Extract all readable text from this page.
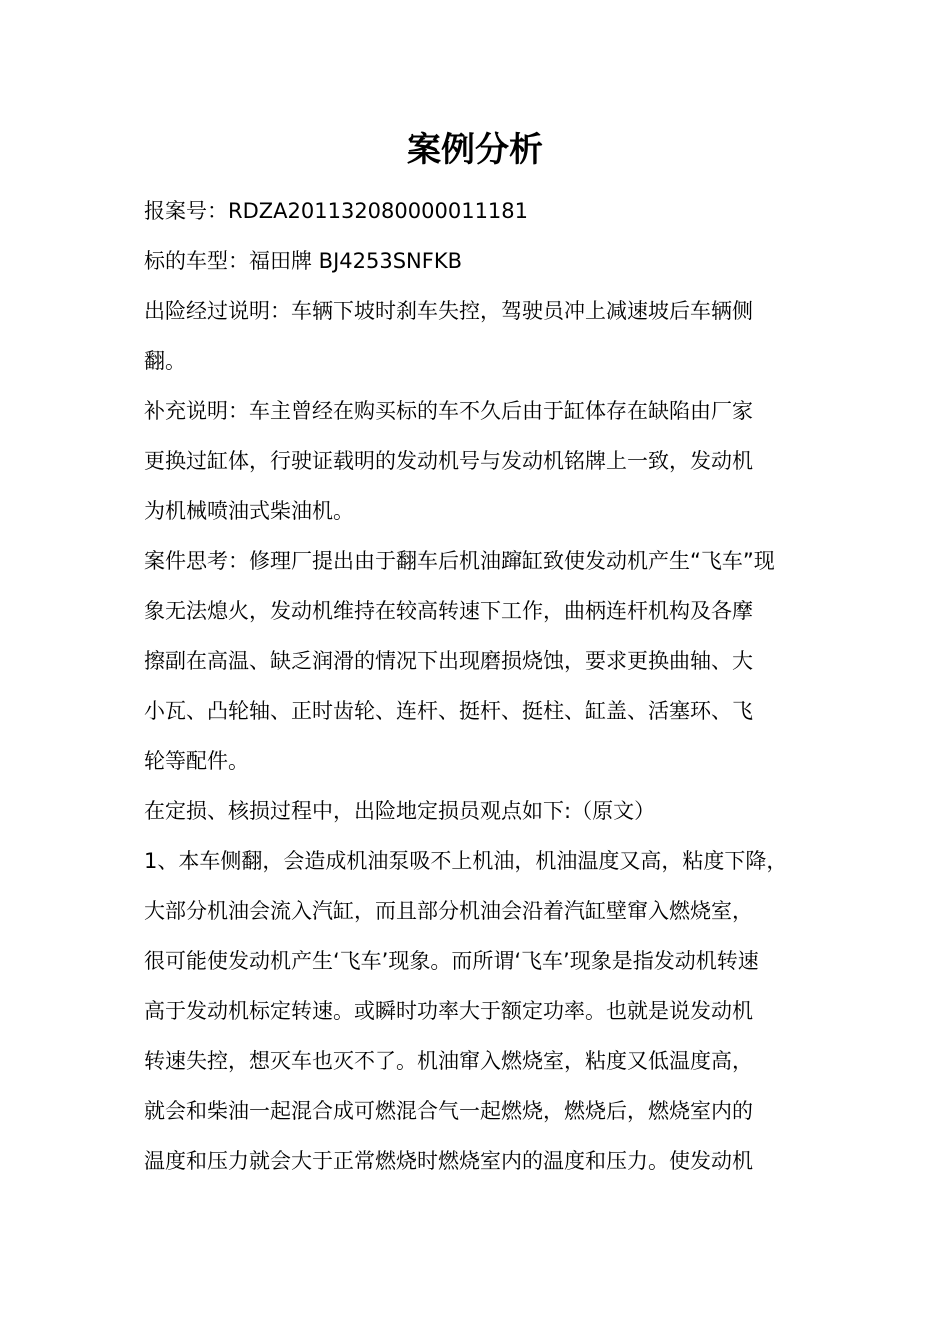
案例分析
报案号：RDZA201132080000011181
标的车型：福田牌 BJ4253SNFKB
出险经过说明：车辆下坡时刹车失控，驾驶员冲上减速坡后车辆侧
翻。
补充说明：车主曾经在购买标的车不久后由于缸体存在缺陷由厂家
更换过缸体，行驶证载明的发动机号与发动机铭牌上一致，发动机
为机械喷油式柴油机。
案件思考：修理厂提出由于翻车后机油蹿缸致使发动机产生“飞车”现
象无法熄火，发动机维持在较高转速下工作，曲柄连杆机构及各摩
擦副在高温、缺乏润滑的情况下出现磨损烧蚀，要求更换曲轴、大
小瓦、凸轮轴、正时齿轮、连杆、挺杆、挺柱、缸盖、活塞环、飞
轮等配件。
在定损、核损过程中，出险地定损员观点如下:（原文）
1、本车侧翻，会造成机油泵吸不上机油，机油温度又高，粘度下降，
大部分机油会流入汽缸，而且部分机油会沿着汽缸壁窜入燃烧室，
很可能使发动机产生‘飞车’现象。而所谓‘飞车’现象是指发动机转速
高于发动机标定转速。或瞬时功率大于额定功率。也就是说发动机
转速失控，想灭车也灭不了。机油窜入燃烧室，粘度又低温度高，
就会和柴油一起混合成可燃混合气一起燃烧，燃烧后，燃烧室内的
温度和压力就会大于正常燃烧时燃烧室内的温度和压力。使发动机
